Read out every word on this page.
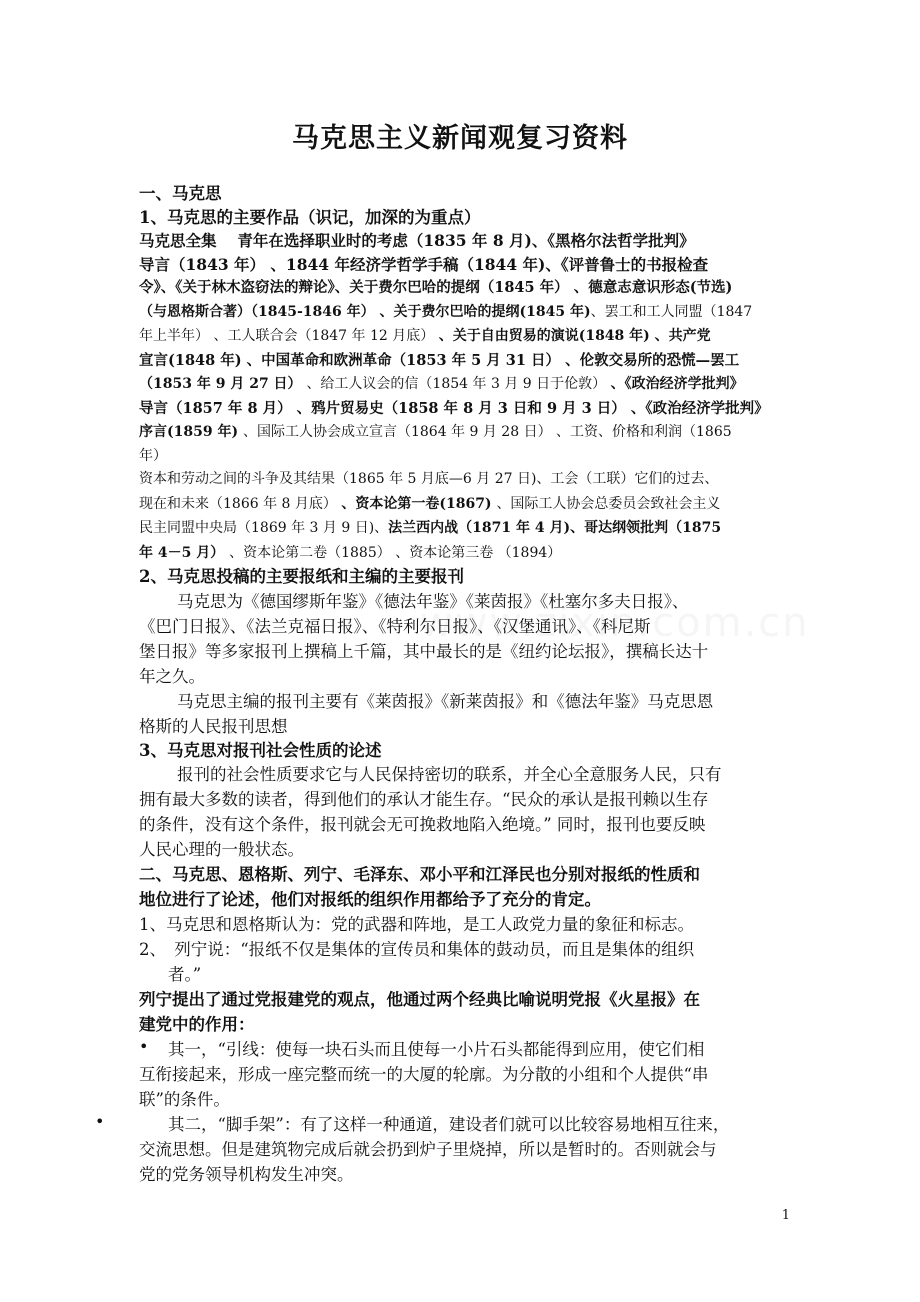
马克思主义新闻观复习资料
一、马克思
1、马克思的主要作品（识记，加深的为重点）
马克思全集　 青年在选择职业时的考虑（1835 年 8 月)、《黑格尔法哲学批判》
导言（1843 年） 、1844 年经济学哲学手稿（1844 年)、《评普鲁士的书报检查
令》、《关于林木盗窃法的辩论》、关于费尔巴哈的提纲（1845 年） 、德意志意识形态(节选)
（与恩格斯合著）（1845-1846 年） 、关于费尔巴哈的提纲(1845 年)、罢工和工人同盟（1847
年上半年） 、工人联合会（1847 年 12 月底） 、关于自由贸易的演说(1848 年) 、共产党
宣言(1848 年) 、中国革命和欧洲革命（1853 年 5 月 31 日） 、伦敦交易所的恐慌—罢工
（1853 年 9 月 27 日） 、给工人议会的信（1854 年 3 月 9 日于伦敦） 、《政治经济学批判》
导言（1857 年 8 月） 、鸦片贸易史（1858 年 8 月 3 日和 9 月 3 日） 、《政治经济学批判》
序言(1859 年) 、国际工人协会成立宣言（1864 年 9 月 28 日） 、工资、价格和利润（1865
年）
资本和劳动之间的斗争及其结果（1865 年 5 月底—6 月 27 日)、工会（工联）它们的过去、
现在和未来（1866 年 8 月底） 、资本论第一卷(1867) 、国际工人协会总委员会致社会主义
民主同盟中央局（1869 年 3 月 9 日)、法兰西内战（1871 年 4 月)、哥达纲领批判（1875
年 4－5 月） 、资本论第二卷（1885） 、资本论第三卷 （1894）
2、马克思投稿的主要报纸和主编的主要报刊
马克思为《德国缪斯年鉴》《德法年鉴》《莱茵报》《杜塞尔多夫日报》、
《巴门日报》、《法兰克福日报》、《特利尔日报》、《汉堡通讯》、《科尼斯
堡日报》等多家报刊上撰稿上千篇，其中最长的是《纽约论坛报》，撰稿长达十
年之久。
马克思主编的报刊主要有《莱茵报》《新莱茵报》和《德法年鉴》马克思恩
格斯的人民报刊思想
3、马克思对报刊社会性质的论述
报刊的社会性质要求它与人民保持密切的联系，并全心全意服务人民，只有
拥有最大多数的读者，得到他们的承认才能生存。“民众的承认是报刊赖以生存
的条件，没有这个条件，报刊就会无可挽救地陷入绝境。” 同时，报刊也要反映
人民心理的一般状态。
二、马克思、恩格斯、列宁、毛泽东、邓小平和江泽民也分别对报纸的性质和
地位进行了论述，他们对报纸的组织作用都给予了充分的肯定。
1、马克思和恩格斯认为：党的武器和阵地，是工人政党力量的象征和标志。
2、　列宁说：“报纸不仅是集体的宣传员和集体的鼓动员，而且是集体的组织
者。”
列宁提出了通过党报建党的观点，他通过两个经典比喻说明党报《火星报》在
建党中的作用：
•	其一，“引线：使每一块石头而且使每一小片石头都能得到应用，使它们相
互衔接起来，形成一座完整而统一的大厦的轮廓。为分散的小组和个人提供“串
联”的条件。
•	其二，“脚手架”：有了这样一种通道，建设者们就可以比较容易地相互往来，
交流思想。但是建筑物完成后就会扔到炉子里烧掉，所以是暂时的。否则就会与
党的党务领导机构发生冲突。
1
